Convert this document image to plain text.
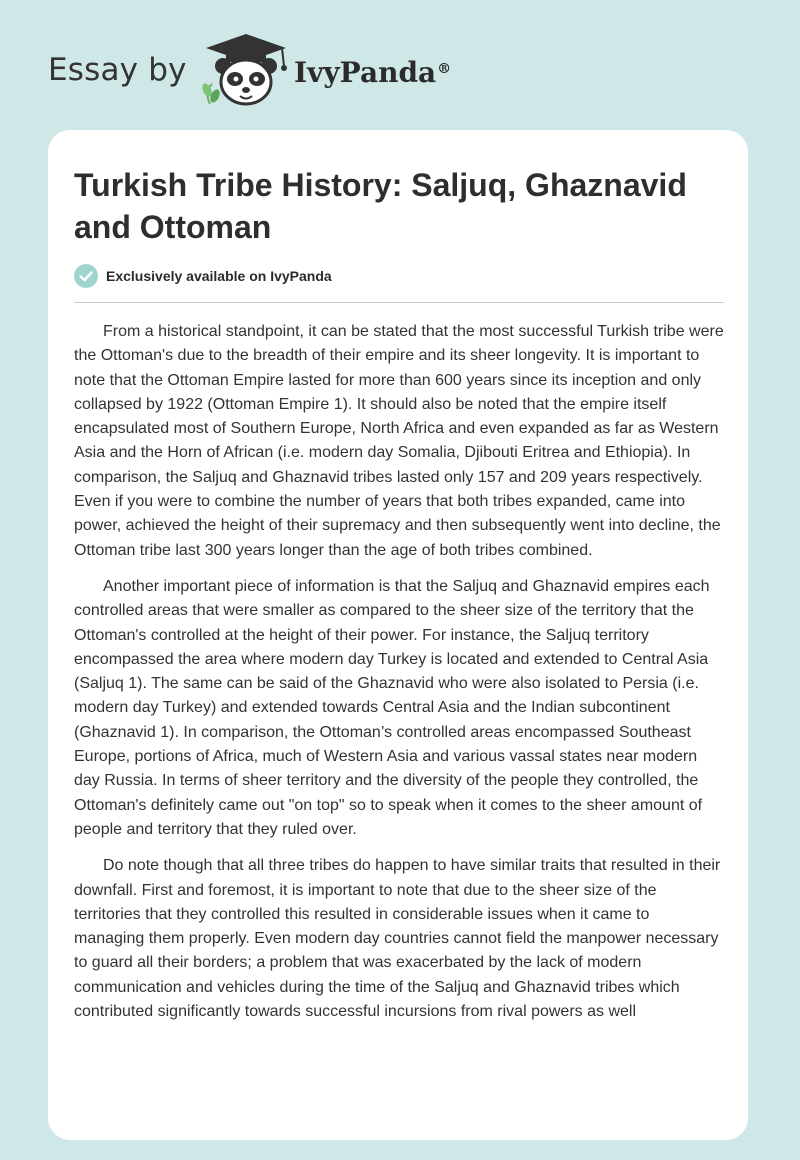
Essay by	IvyPanda®
Turkish Tribe History: Saljuq, Ghaznavid and Ottoman
Exclusively available on IvyPanda

From a historical standpoint, it can be stated that the most successful Turkish tribe were the Ottoman's due to the breadth of their empire and its sheer longevity. It is important to note that the Ottoman Empire lasted for more than 600 years since its inception and only collapsed by 1922 (Ottoman Empire 1). It should also be noted that the empire itself encapsulated most of Southern Europe, North Africa and even expanded as far as Western Asia and the Horn of African (i.e. modern day Somalia, Djibouti Eritrea and Ethiopia). In comparison, the Saljuq and Ghaznavid tribes lasted only 157 and 209 years respectively. Even if you were to combine the number of years that both tribes expanded, came into power, achieved the height of their supremacy and then subsequently went into decline, the Ottoman tribe last 300 years longer than the age of both tribes combined.

Another important piece of information is that the Saljuq and Ghaznavid empires each controlled areas that were smaller as compared to the sheer size of the territory that the Ottoman's controlled at the height of their power. For instance, the Saljuq territory encompassed the area where modern day Turkey is located and extended to Central Asia (Saljuq 1). The same can be said of the Ghaznavid who were also isolated to Persia (i.e. modern day Turkey) and extended towards Central Asia and the Indian subcontinent (Ghaznavid 1). In comparison, the Ottoman’s controlled areas encompassed Southeast Europe, portions of Africa, much of Western Asia and various vassal states near modern day Russia. In terms of sheer territory and the diversity of the people they controlled, the Ottoman's definitely came out "on top" so to speak when it comes to the sheer amount of people and territory that they ruled over.

Do note though that all three tribes do happen to have similar traits that resulted in their downfall. First and foremost, it is important to note that due to the sheer size of the territories that they controlled this resulted in considerable issues when it came to managing them properly. Even modern day countries cannot field the manpower necessary to guard all their borders; a problem that was exacerbated by the lack of modern communication and vehicles during the time of the Saljuq and Ghaznavid tribes which contributed significantly towards successful incursions from rival powers as well
